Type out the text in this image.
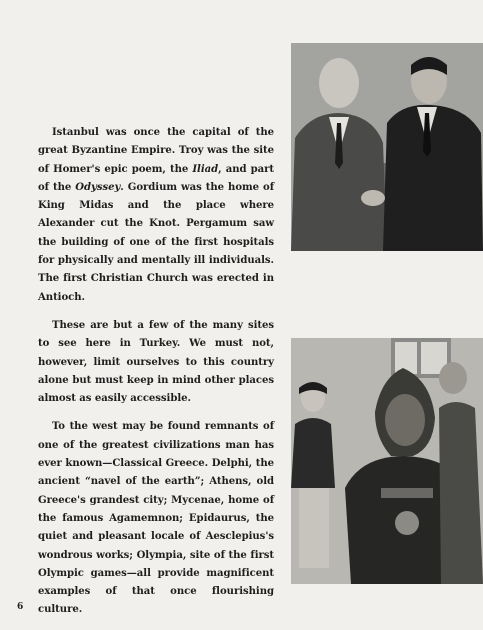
Istanbul was once the capital of the great Byzantine Empire. Troy was the site of Homer's epic poem, the Iliad, and part of the Odyssey. Gordium was the home of King Midas and the place where Alexander cut the Knot. Pergamum saw the building of one of the first hospitals for physically and mentally ill individuals. The first Christian Church was erected in Antioch.

These are but a few of the many sites to see here in Turkey. We must not, however, limit ourselves to this country alone but must keep in mind other places almost as easily accessible.

To the west may be found remnants of one of the greatest civilizations man has ever known—Classical Greece. Delphi, the ancient “navel of the earth”; Athens, old Greece's grandest city; Mycenae, home of the famous Agamemnon; Epidaurus, the quiet and pleasant locale of Aesclepius's wondrous works; Olympia, site of the first Olympic games—all provide magnificent examples of that once flourishing culture.

6
